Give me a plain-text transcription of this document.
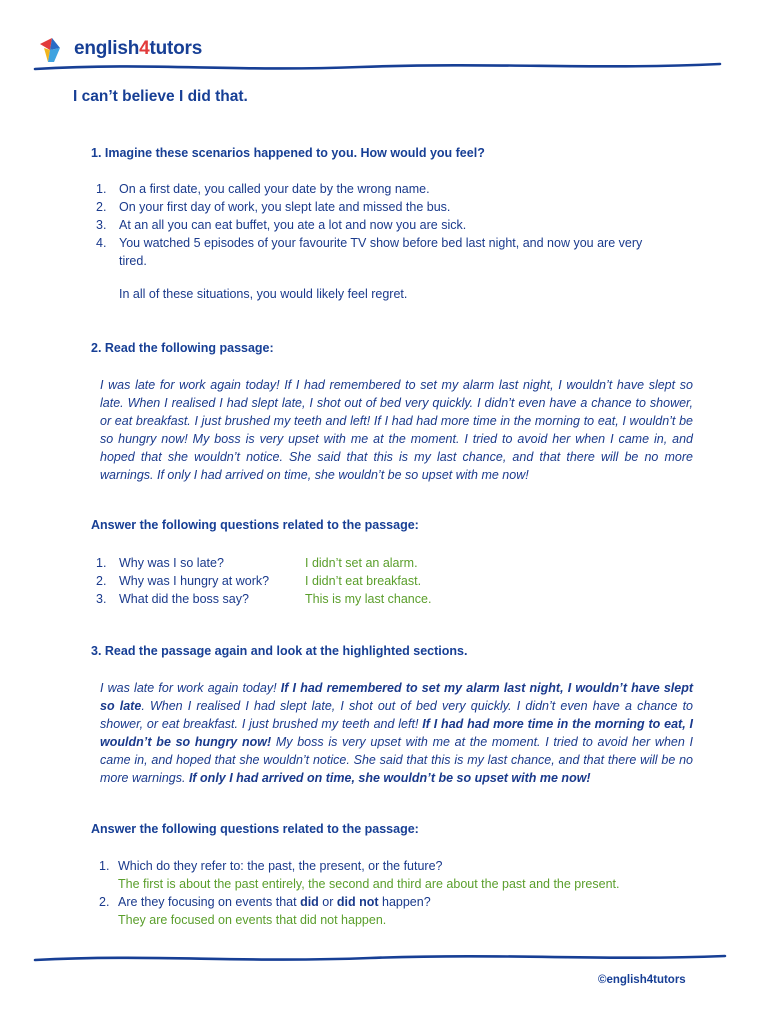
english4tutors
I can’t believe I did that.

1. Imagine these scenarios happened to you. How would you feel?

1.	On a first date, you called your date by the wrong name.
2.	On your first day of work, you slept late and missed the bus.
3.	At an all you can eat buffet, you ate a lot and now you are sick.
4.	You watched 5 episodes of your favourite TV show before bed last night, and now you are very tired.

In all of these situations, you would likely feel regret.

2. Read the following passage:

I was late for work again today! If I had remembered to set my alarm last night, I wouldn’t have slept so late. When I realised I had slept late, I shot out of bed very quickly. I didn’t even have a chance to shower, or eat breakfast. I just brushed my teeth and left! If I had had more time in the morning to eat, I wouldn’t be so hungry now! My boss is very upset with me at the moment. I tried to avoid her when I came in, and hoped that she wouldn’t notice. She said that this is my last chance, and that there will be no more warnings. If only I had arrived on time, she wouldn’t be so upset with me now!

Answer the following questions related to the passage:

1.	Why was I so late?	I didn’t set an alarm.
2.	Why was I hungry at work?	I didn’t eat breakfast.
3.	What did the boss say?	This is my last chance.

3. Read the passage again and look at the highlighted sections.

I was late for work again today! If I had remembered to set my alarm last night, I wouldn’t have slept so late. When I realised I had slept late, I shot out of bed very quickly. I didn’t even have a chance to shower, or eat breakfast. I just brushed my teeth and left! If I had had more time in the morning to eat, I wouldn’t be so hungry now! My boss is very upset with me at the moment. I tried to avoid her when I came in, and hoped that she wouldn’t notice. She said that this is my last chance, and that there will be no more warnings. If only I had arrived on time, she wouldn’t be so upset with me now!

Answer the following questions related to the passage:

1. Which do they refer to: the past, the present, or the future?
The first is about the past entirely, the second and third are about the past and the present.
2. Are they focusing on events that did or did not happen?
They are focused on events that did not happen.

©english4tutors
